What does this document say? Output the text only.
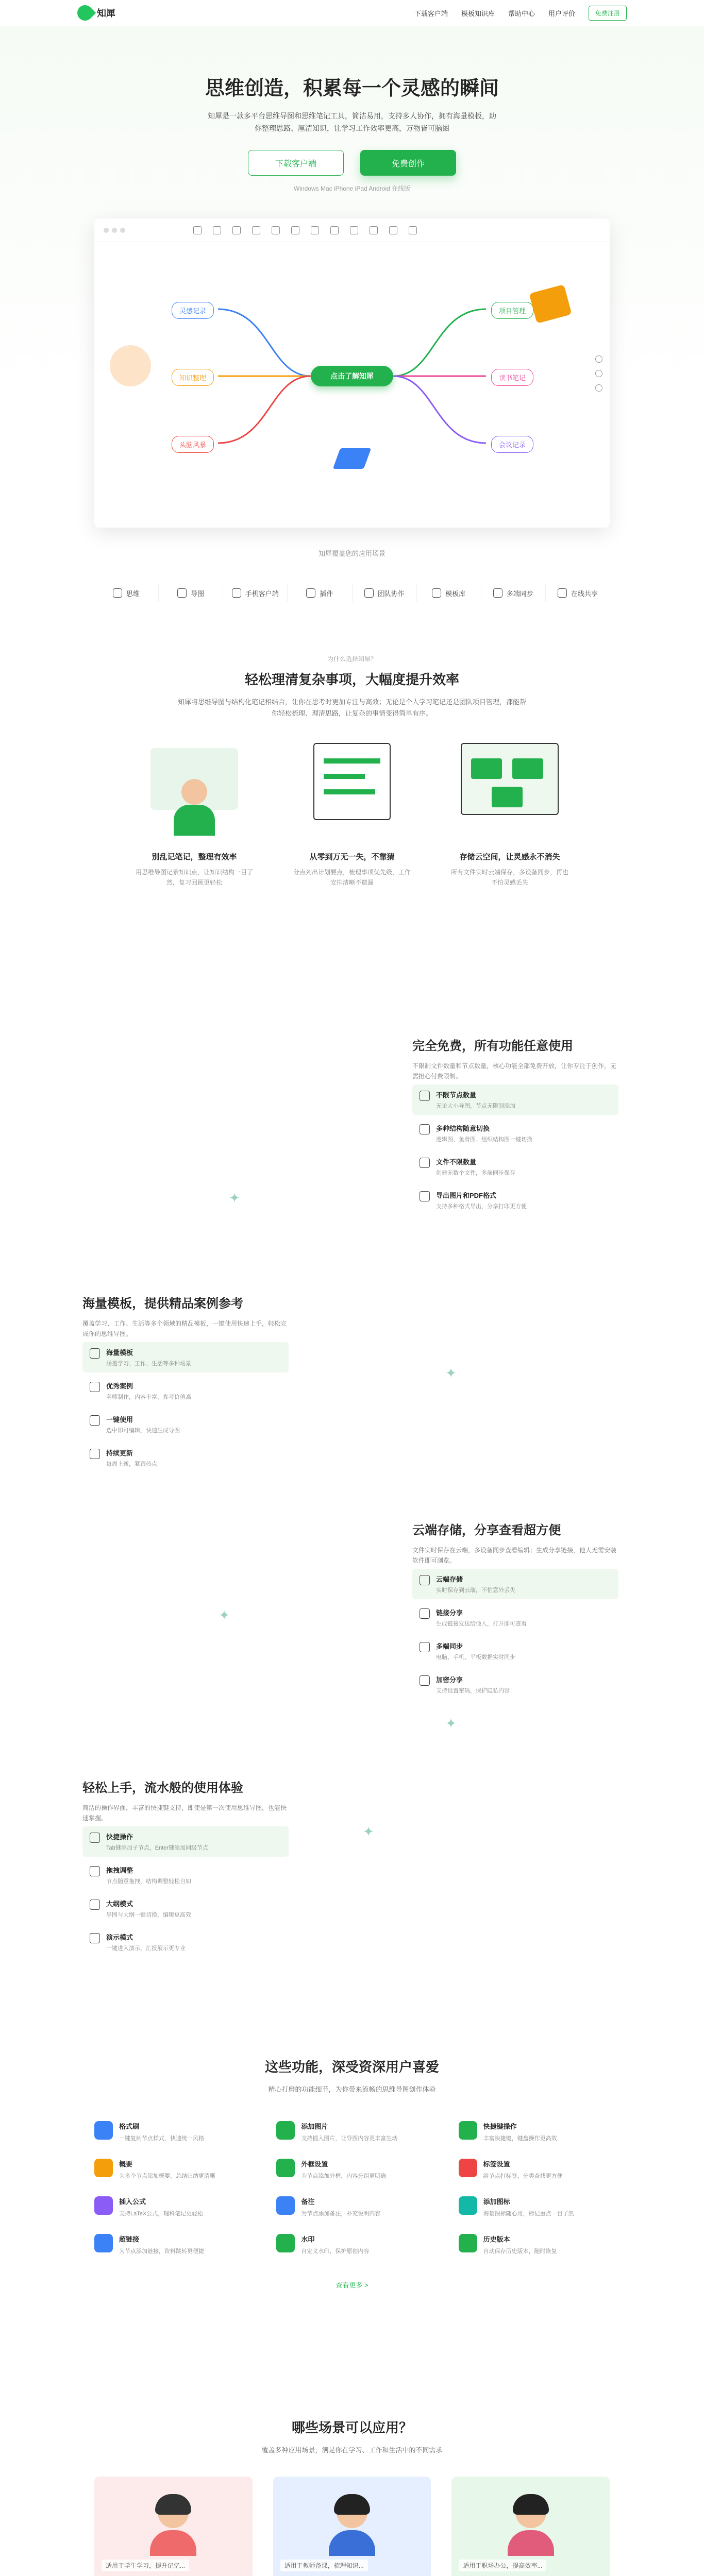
知犀	下载客户端 模板知识库 帮助中心 用户评价	免费注册
思维创造，积累每一个灵感的瞬间

知犀是一款多平台思维导图和思维笔记工具，简洁易用，支持多人协作，拥有海量模板，助你整理思路、厘清知识，让学习工作效率更高，万物皆可脑图

下载客户端	免费创作
Windows Mac iPhone iPad Android 在线版
点击了解知犀
灵感记录
知识整理
头脑风暴
项目管理
读书笔记
会议记录
知犀覆盖您的应用场景
思维	导图	手机客户端	插件	团队协作	模板库	多端同步	在线共享
为什么选择知犀？
轻松理清复杂事项，大幅度提升效率

知犀将思维导图与结构化笔记相结合，让你在思考时更加专注与高效；无论是个人学习笔记还是团队项目管理，都能帮你轻松梳理、理清思路，让复杂的事情变得简单有序。

别乱记笔记，整理有效率

用思维导图记录知识点，让知识结构一目了然，复习回顾更轻松

从零到万无一失，不靠猜

分点列出计划要点，梳理事项优先级，工作安排清晰不遗漏

存储云空间，让灵感永不消失

所有文件实时云端保存，多设备同步，再也不怕灵感丢失

完全免费，所有功能任意使用

不限制文件数量和节点数量，核心功能全部免费开放，让你专注于创作，无需担心付费限制。

不限节点数量
无论大小导图，节点无限制添加
多种结构随意切换
逻辑图、鱼骨图、组织结构图一键切换
文件不限数量
创建无数个文件，多端同步保存
导出图片和PDF格式
支持多种格式导出，分享打印更方便
✦
海量模板，提供精品案例参考

覆盖学习、工作、生活等多个领域的精品模板，一键使用快速上手，轻松完成你的思维导图。

海量模板
涵盖学习、工作、生活等多种场景
优秀案例
名师制作，内容丰富，参考价值高
一键使用
选中即可编辑，快速生成导图
持续更新
每周上新，紧跟热点
✦
云端存储，分享查看超方便

文件实时保存在云端，多设备同步查看编辑；生成分享链接，他人无需安装软件即可浏览。

云端存储
实时保存到云端，不怕意外丢失
链接分享
生成链接发送给他人，打开即可查看
多端同步
电脑、手机、平板数据实时同步
加密分享
支持设置密码，保护隐私内容
✦
✦
轻松上手，流水般的使用体验

简洁的操作界面，丰富的快捷键支持，即使是第一次使用思维导图，也能快速掌握。

快捷操作
Tab键添加子节点，Enter键添加同级节点
拖拽调整
节点随意拖拽，结构调整轻松自如
大纲模式
导图与大纲一键切换，编辑更高效
演示模式
一键进入演示，汇报展示更专业
✦
这些功能，深受资深用户喜爱

精心打磨的功能细节，为你带来流畅的思维导图创作体验

格式刷
一键复制节点样式，快速统一风格
添加图片
支持插入图片，让导图内容更丰富生动
快捷键操作
丰富快捷键，键盘操作更高效
概要
为多个节点添加概要，总结归纳更清晰
外框设置
为节点添加外框，内容分组更明确
标签设置
给节点打标签，分类查找更方便
插入公式
支持LaTeX公式，理科笔记更轻松
备注
为节点添加备注，补充说明内容
添加图标
海量图标随心用，标记重点一目了然
超链接
为节点添加链接，资料跳转更便捷
水印
自定义水印，保护原创内容
历史版本
自动保存历史版本，随时恢复
查看更多 >
哪些场景可以应用？

覆盖多种应用场景，满足你在学习、工作和生活中的不同需求

适用于学生学习，提升记忆...	适用于教师备课，梳理知识...	适用于职场办公，提高效率...
